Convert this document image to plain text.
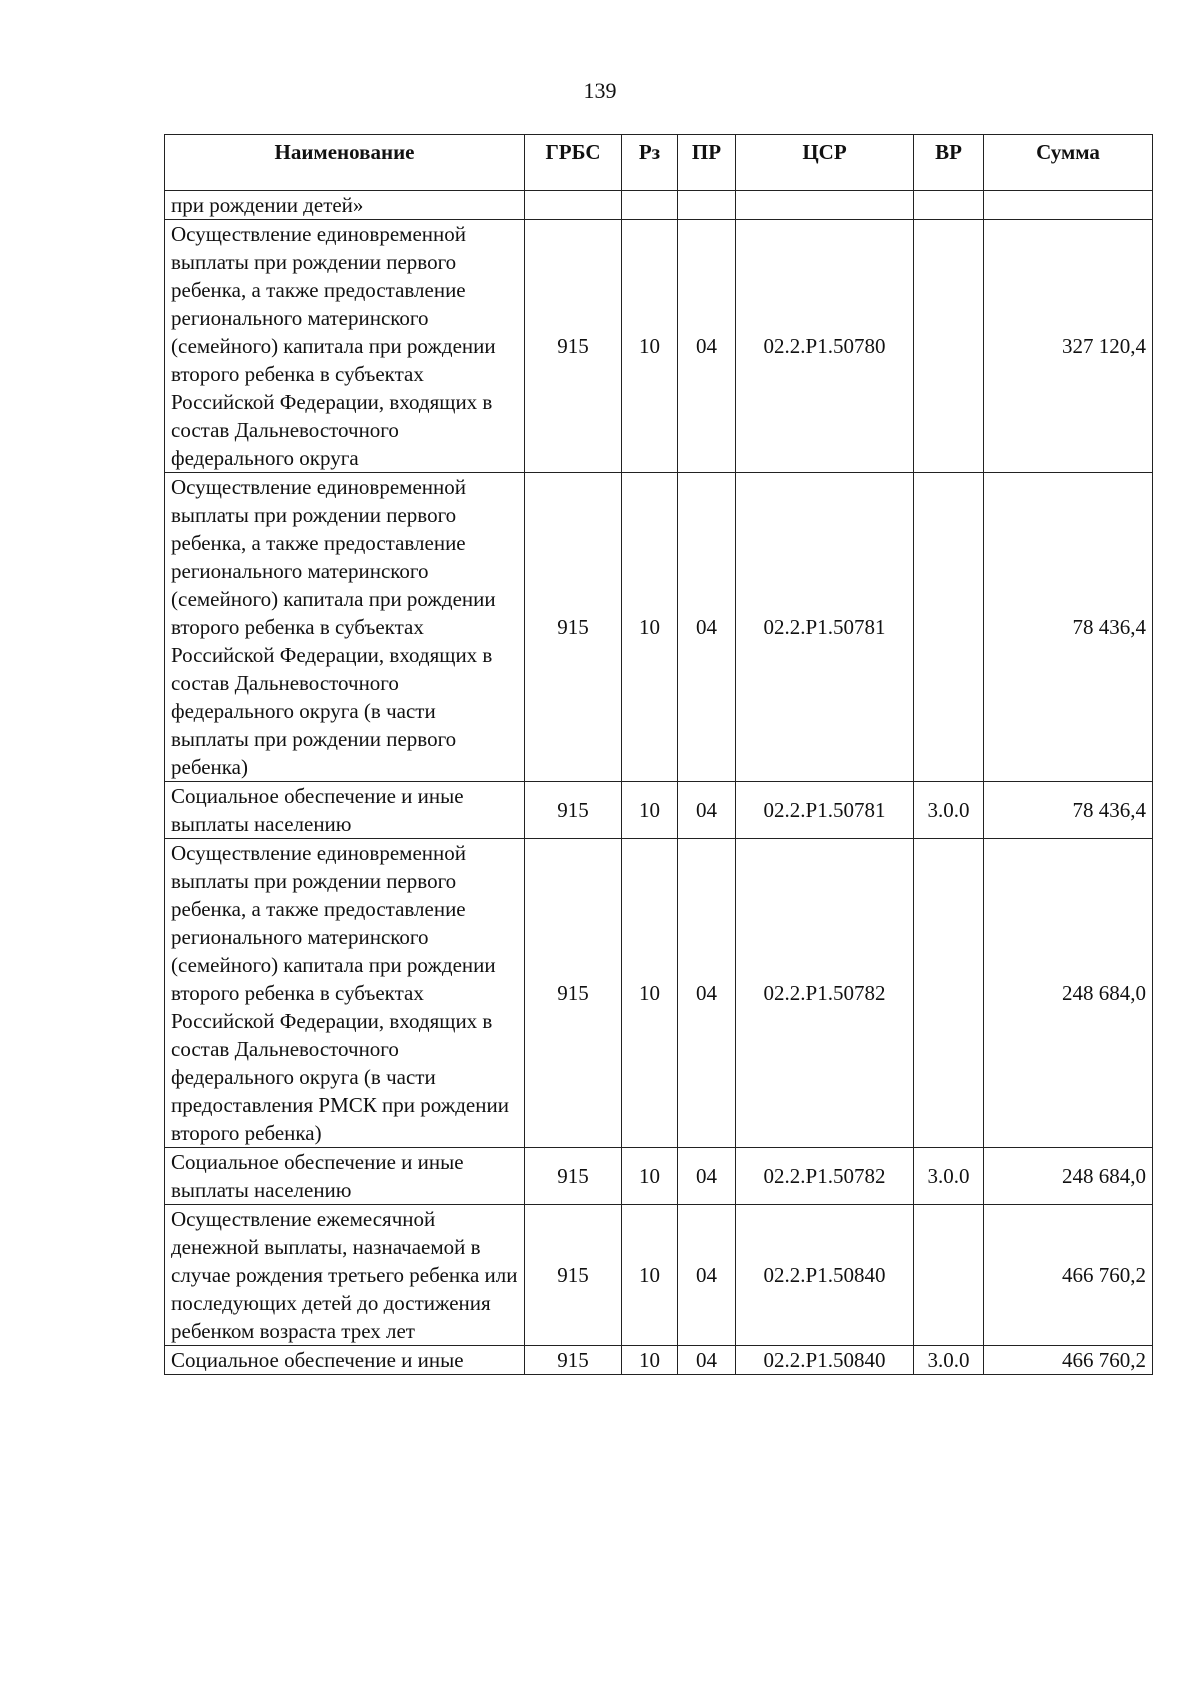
139
Наименование	ГРБС	Рз	ПР	ЦСР	ВР	Сумма
при рождении детей»						
Осуществление единовременной выплаты при рождении первого ребенка, а также предоставление регионального материнского (семейного) капитала при рождении второго ребенка в субъектах Российской Федерации, входящих в состав Дальневосточного федерального округа	915	10	04	02.2.P1.50780		327 120,4
Осуществление единовременной выплаты при рождении первого ребенка, а также предоставление регионального материнского (семейного) капитала при рождении второго ребенка в субъектах Российской Федерации, входящих в состав Дальневосточного федерального округа (в части выплаты при рождении первого ребенка)	915	10	04	02.2.P1.50781		78 436,4
Социальное обеспечение и иные выплаты населению	915	10	04	02.2.P1.50781	3.0.0	78 436,4
Осуществление единовременной выплаты при рождении первого ребенка, а также предоставление регионального материнского (семейного) капитала при рождении второго ребенка в субъектах Российской Федерации, входящих в состав Дальневосточного федерального округа (в части предоставления РМСК при рождении второго ребенка)	915	10	04	02.2.P1.50782		248 684,0
Социальное обеспечение и иные выплаты населению	915	10	04	02.2.P1.50782	3.0.0	248 684,0
Осуществление ежемесячной денежной выплаты, назначаемой в случае рождения третьего ребенка или последующих детей до достижения ребенком возраста трех лет	915	10	04	02.2.P1.50840		466 760,2
Социальное обеспечение и иные	915	10	04	02.2.P1.50840	3.0.0	466 760,2
